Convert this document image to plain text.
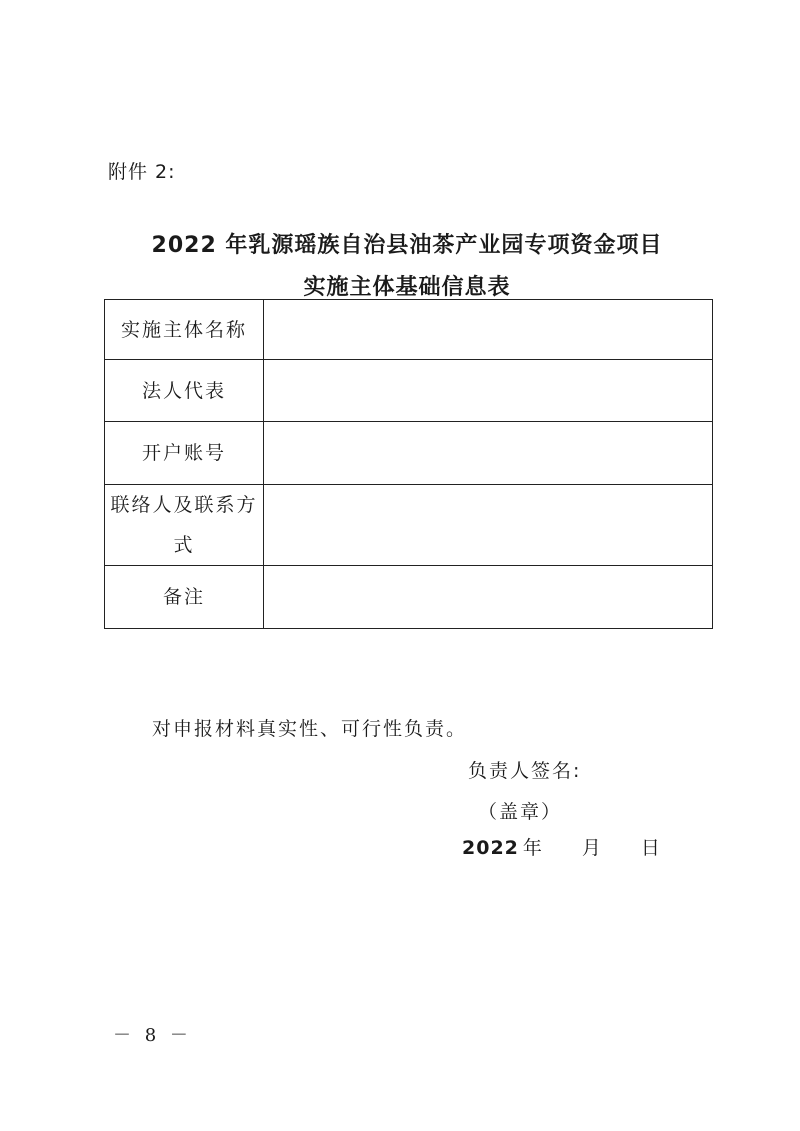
附件 2:
2022 年乳源瑶族自治县油茶产业园专项资金项目
实施主体基础信息表
实施主体名称	
法人代表	
开户账号	
联络人及联系方式	
备注	
对申报材料真实性、可行性负责。
负责人签名:
（盖章）
2022 年 月 日
－ 8 －
